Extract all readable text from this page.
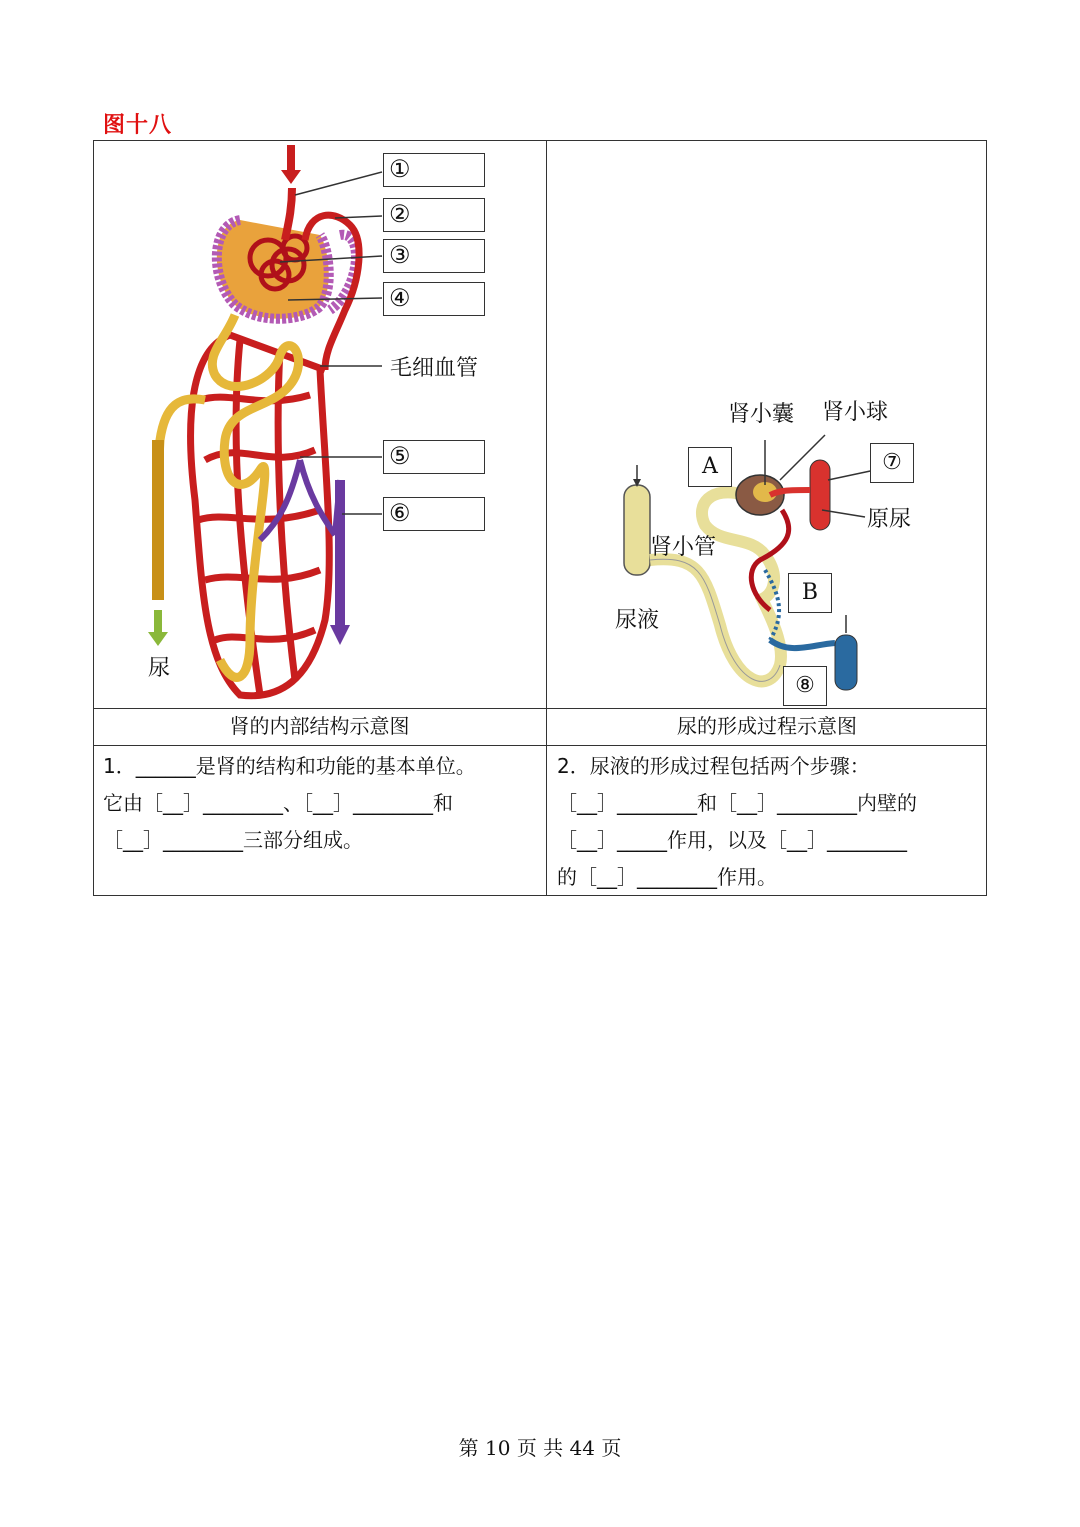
图十八
①
②
③
④
⑤
⑥
毛细血管
尿
A
B
⑦
⑧
肾小囊 肾小球
肾小管
原尿
尿液
肾的内部结构示意图	尿的形成过程示意图
1．______是肾的结构和功能的基本单位。
它由［__］________、［__］________和
［__］________三部分组成。
2．尿液的形成过程包括两个步骤：
［__］________和［__］________内壁的
［__］_____作用，以及［__］________
的［__］________作用。
第 10 页 共 44 页
